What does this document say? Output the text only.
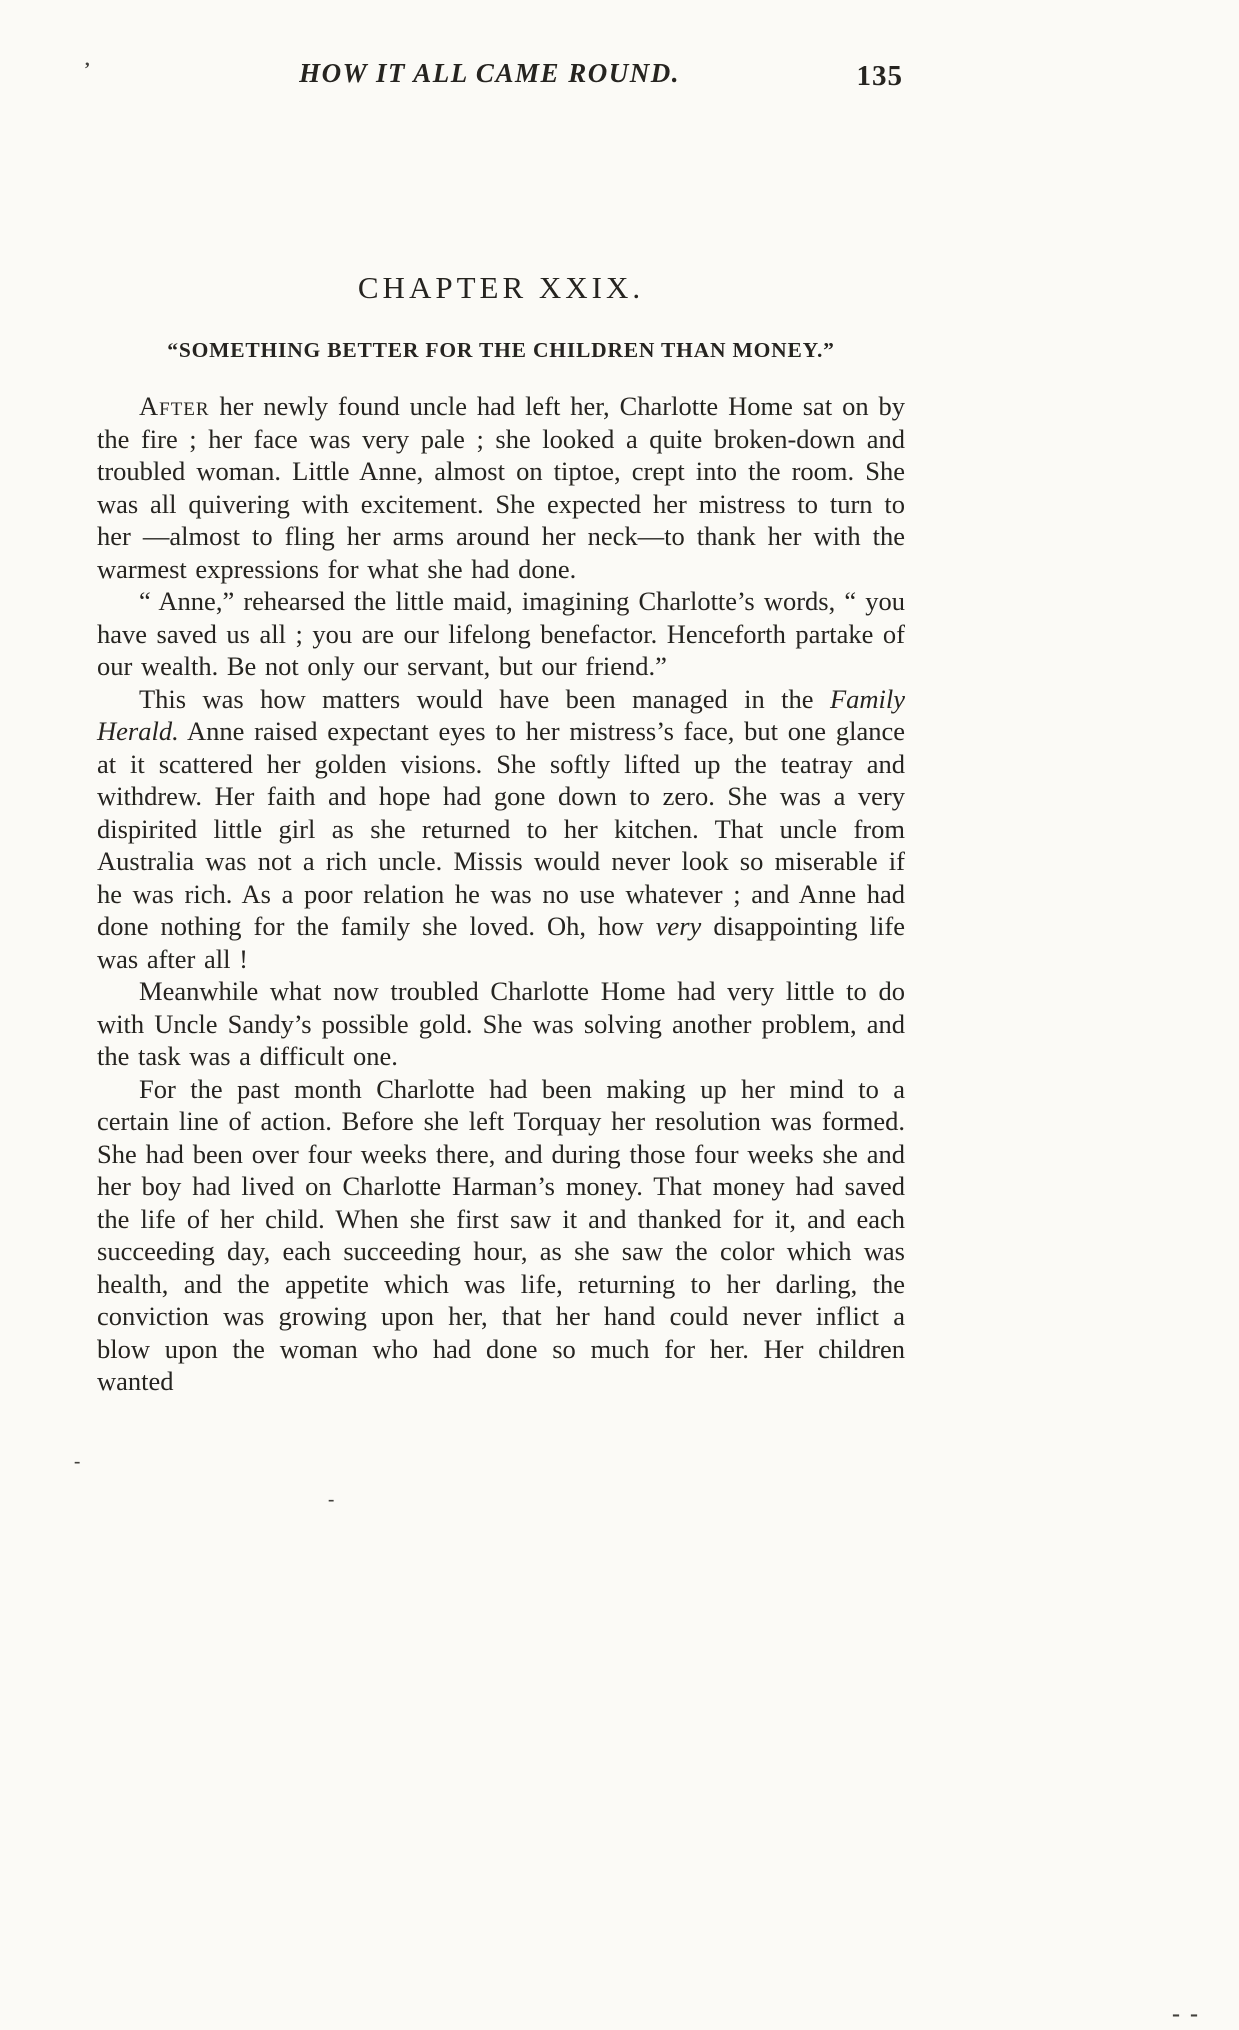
HOW IT ALL CAME ROUND.	135
CHAPTER XXIX.
“SOMETHING BETTER FOR THE CHILDREN THAN MONEY.”

After her newly found uncle had left her, Charlotte Home sat on by the fire ; her face was very pale ; she looked a quite broken-down and troubled woman. Little Anne, almost on tiptoe, crept into the room. She was all quivering with excitement. She expected her mistress to turn to her —almost to fling her arms around her neck—to thank her with the warmest expressions for what she had done.

“ Anne,” rehearsed the little maid, imagining Charlotte’s words, “ you have saved us all ; you are our lifelong benefactor. Henceforth partake of our wealth. Be not only our servant, but our friend.”

This was how matters would have been managed in the Family Herald. Anne raised expectant eyes to her mistress’s face, but one glance at it scattered her golden visions. She softly lifted up the teatray and withdrew. Her faith and hope had gone down to zero. She was a very dispirited little girl as she returned to her kitchen. That uncle from Australia was not a rich uncle. Missis would never look so miserable if he was rich. As a poor relation he was no use whatever ; and Anne had done nothing for the family she loved. Oh, how very disappointing life was after all !

Meanwhile what now troubled Charlotte Home had very little to do with Uncle Sandy’s possible gold. She was solving another problem, and the task was a difficult one.

For the past month Charlotte had been making up her mind to a certain line of action. Before she left Torquay her resolution was formed. She had been over four weeks there, and during those four weeks she and her boy had lived on Charlotte Harman’s money. That money had saved the life of her child. When she first saw it and thanked for it, and each succeeding day, each succeeding hour, as she saw the color which was health, and the appetite which was life, returning to her darling, the conviction was growing upon her, that her hand could never inflict a blow upon the woman who had done so much for her. Her children wanted

ʼ
-
-
- -
